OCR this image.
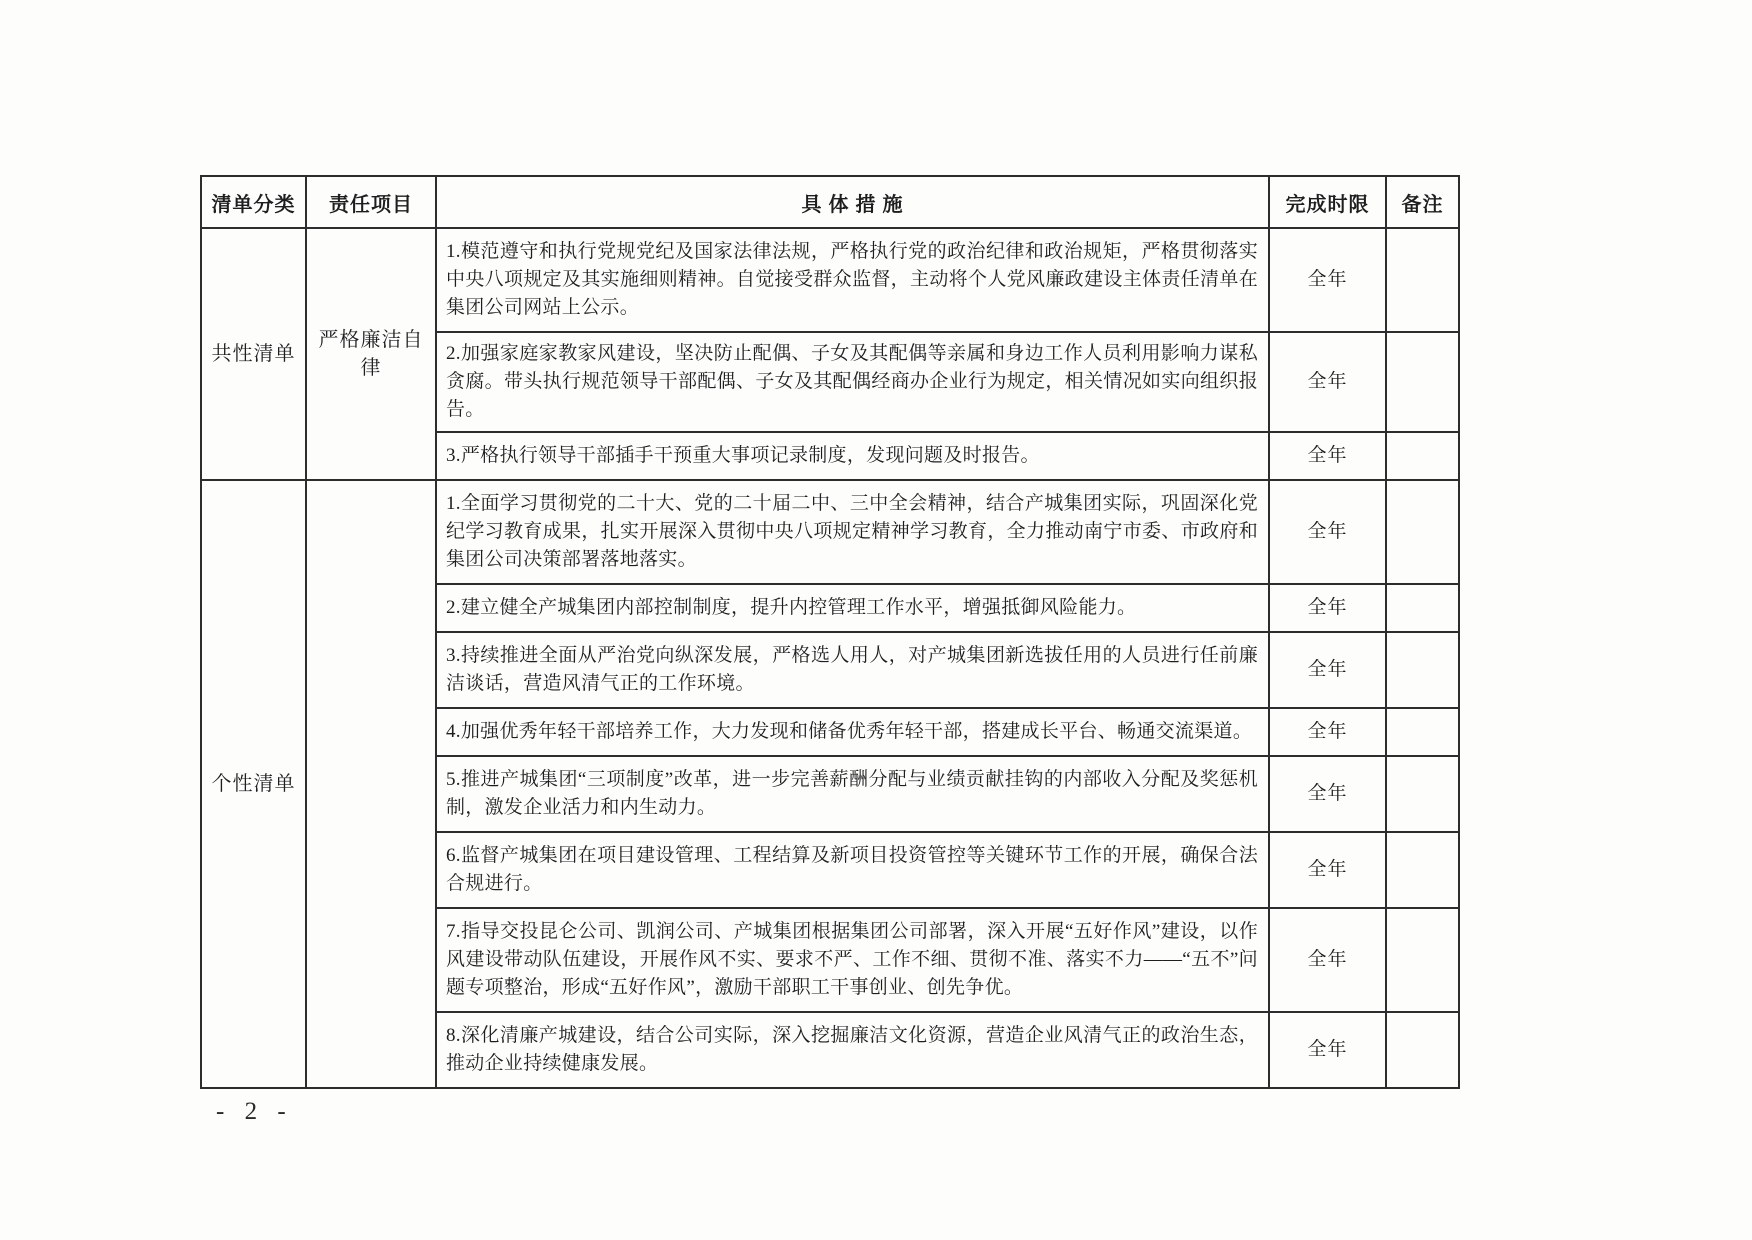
清单分类	责任项目	具 体 措 施	完成时限	备注
共性清单	严格廉洁自律	1.模范遵守和执行党规党纪及国家法律法规，严格执行党的政治纪律和政治规矩，严格贯彻落实中央八项规定及其实施细则精神。自觉接受群众监督，主动将个人党风廉政建设主体责任清单在集团公司网站上公示。	全年	
		2.加强家庭家教家风建设，坚决防止配偶、子女及其配偶等亲属和身边工作人员利用影响力谋私贪腐。带头执行规范领导干部配偶、子女及其配偶经商办企业行为规定，相关情况如实向组织报告。	全年	
		3.严格执行领导干部插手干预重大事项记录制度，发现问题及时报告。	全年	
个性清单		1.全面学习贯彻党的二十大、党的二十届二中、三中全会精神，结合产城集团实际，巩固深化党纪学习教育成果，扎实开展深入贯彻中央八项规定精神学习教育，全力推动南宁市委、市政府和集团公司决策部署落地落实。	全年	
		2.建立健全产城集团内部控制制度，提升内控管理工作水平，增强抵御风险能力。	全年	
		3.持续推进全面从严治党向纵深发展，严格选人用人，对产城集团新选拔任用的人员进行任前廉洁谈话，营造风清气正的工作环境。	全年	
		4.加强优秀年轻干部培养工作，大力发现和储备优秀年轻干部，搭建成长平台、畅通交流渠道。	全年	
		5.推进产城集团“三项制度”改革，进一步完善薪酬分配与业绩贡献挂钩的内部收入分配及奖惩机制，激发企业活力和内生动力。	全年	
		6.监督产城集团在项目建设管理、工程结算及新项目投资管控等关键环节工作的开展，确保合法合规进行。	全年	
		7.指导交投昆仑公司、凯润公司、产城集团根据集团公司部署，深入开展“五好作风”建设，以作风建设带动队伍建设，开展作风不实、要求不严、工作不细、贯彻不准、落实不力——“五不”问题专项整治，形成“五好作风”，激励干部职工干事创业、创先争优。	全年	
		8.深化清廉产城建设，结合公司实际，深入挖掘廉洁文化资源，营造企业风清气正的政治生态，推动企业持续健康发展。	全年	
- 2 -
